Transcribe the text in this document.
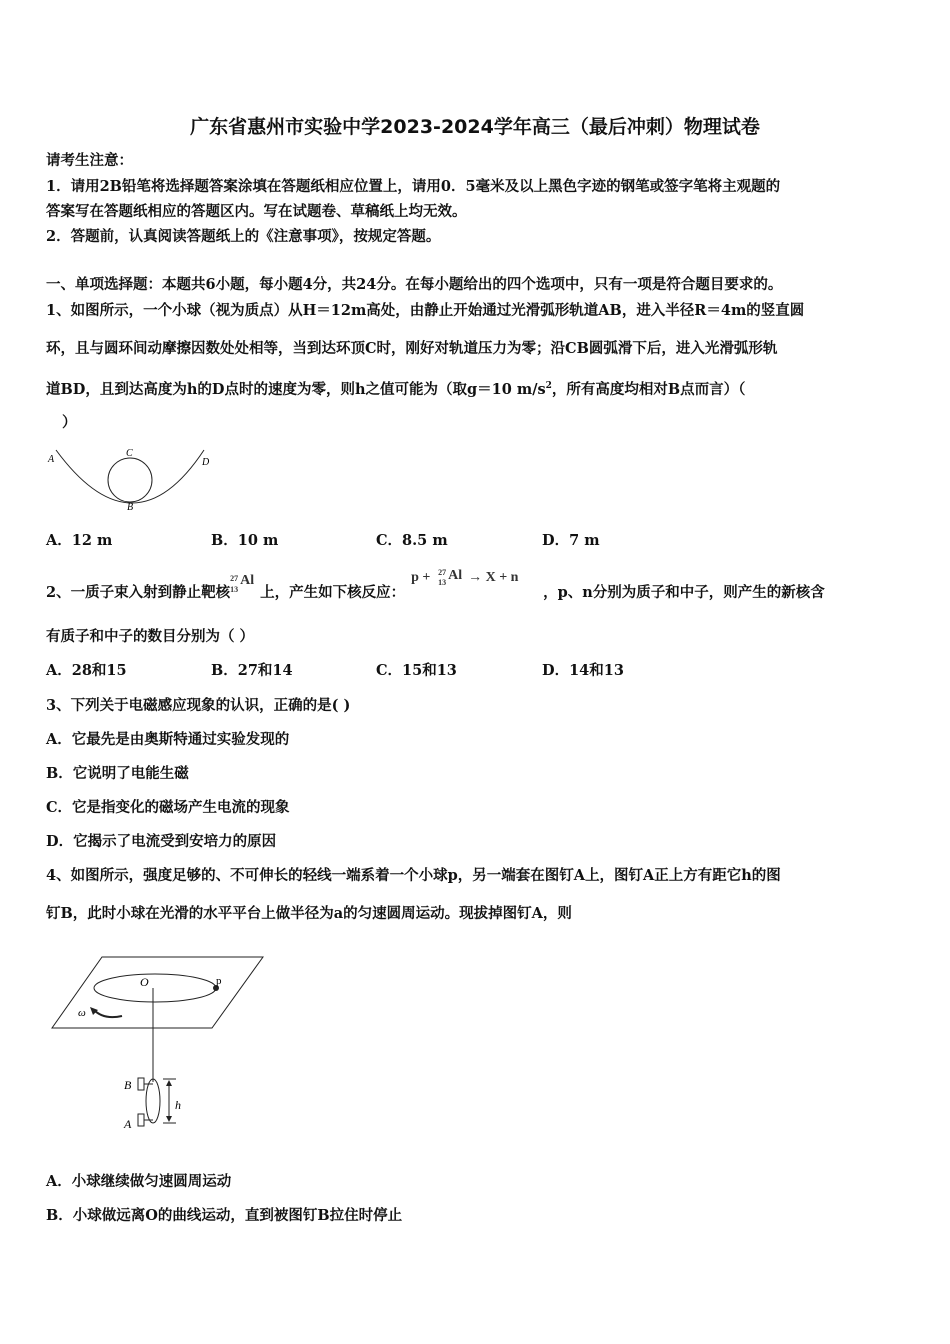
广东省惠州市实验中学2023-2024学年高三（最后冲刺）物理试卷
请考生注意：
1．请用2B铅笔将选择题答案涂填在答题纸相应位置上，请用0．5毫米及以上黑色字迹的钢笔或签字笔将主观题的
答案写在答题纸相应的答题区内。写在试题卷、草稿纸上均无效。
2．答题前，认真阅读答题纸上的《注意事项》，按规定答题。
一、单项选择题：本题共6小题，每小题4分，共24分。在每小题给出的四个选项中，只有一项是符合题目要求的。
1、如图所示，一个小球（视为质点）从H＝12m高处，由静止开始通过光滑弧形轨道AB，进入半径R＝4m的竖直圆
环，且与圆环间动摩擦因数处处相等，当到达环顶C时，刚好对轨道压力为零；沿CB圆弧滑下后，进入光滑弧形轨
道BD，且到达高度为h的D点时的速度为零，则h之值可能为（取g＝10 $m/s^2$，所有高度均相对B点而言）（
）
A
C
D
B
A．12 m	B．10 m	C．8.5 m	D．7 m
2、一质子束入射到静止靶核
27
13
Al
上，产生如下核反应：
p + 27
13 Al → X + n
，p、n分别为质子和中子，则产生的新核含
有质子和中子的数目分别为（ ）
A．28和15	B．27和14	C．15和13	D．14和13
3、下列关于电磁感应现象的认识，正确的是( )
A．它最先是由奥斯特通过实验发现的
B．它说明了电能生磁
C．它是指变化的磁场产生电流的现象
D．它揭示了电流受到安培力的原因
4、如图所示，强度足够的、不可伸长的轻线一端系着一个小球p，另一端套在图钉A上，图钉A正上方有距它h的图
钉B，此时小球在光滑的水平平台上做半径为a的匀速圆周运动。现拔掉图钉A，则
O	p
ω
B
A
h
A．小球继续做匀速圆周运动
B．小球做远离O的曲线运动，直到被图钉B拉住时停止
